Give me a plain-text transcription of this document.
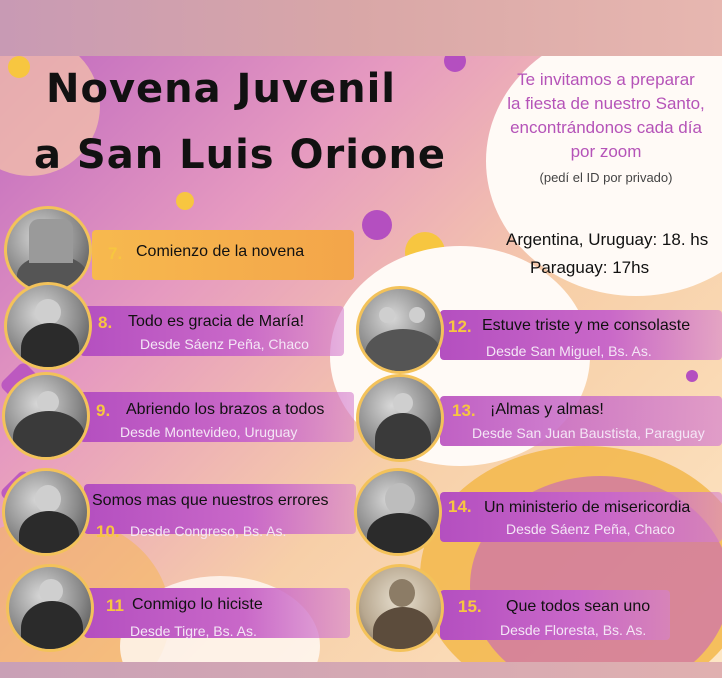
Novena Juvenil
a San Luis Orione
Te invitamos a preparar
la fiesta de nuestro Santo,
encontrándonos cada día
por zoom
(pedí el ID por privado)
Argentina, Uruguay: 18. hs
Paraguay: 17hs
7. Comienzo de la novena
8. Todo es gracia de María!
Desde Sáenz Peña, Chaco
9. Abriendo los brazos a todos
Desde Montevideo, Uruguay
Somos mas que nuestros errores
10. Desde Congreso, Bs. As.
11 Conmigo lo hiciste
Desde Tigre, Bs. As.
12. Estuve triste y me consolaste
Desde San Miguel, Bs. As.
13. ¡Almas y almas!
Desde San Juan Baustista, Paraguay
14. Un ministerio de misericordia
Desde Sáenz Peña, Chaco
15. Que todos sean uno
Desde Floresta, Bs. As.
